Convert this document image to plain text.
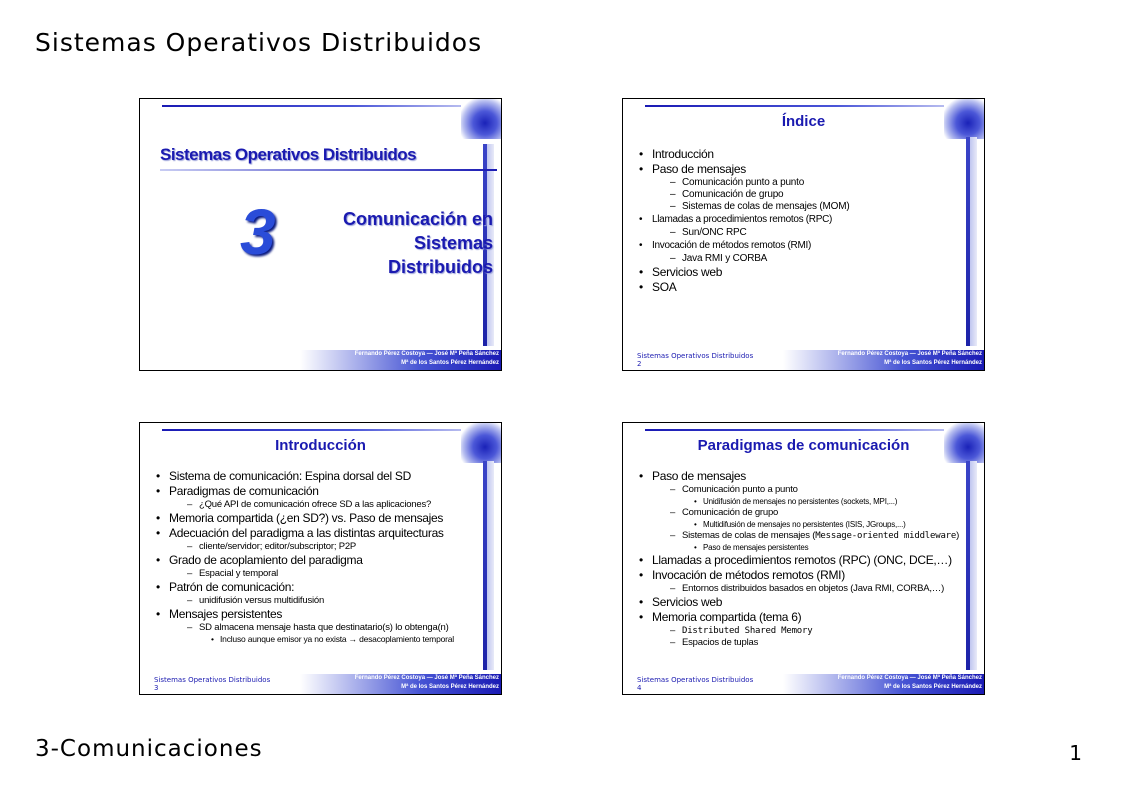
Sistemas Operativos Distribuidos
Sistemas Operativos Distribuidos
3	Comunicación en
Sistemas
Distribuidos
Fernando Pérez Costoya — José Mª Peña Sánchez
Mª de los Santos Pérez Hernández
Índice
• Introducción
• Paso de mensajes
– Comunicación punto a punto
– Comunicación de grupo
– Sistemas de colas de mensajes (MOM)
• Llamadas a procedimientos remotos (RPC)
– Sun/ONC RPC
• Invocación de métodos remotos (RMI)
– Java RMI y CORBA
• Servicios web
• SOA
Sistemas Operativos Distribuidos
2
Fernando Pérez Costoya — José Mª Peña Sánchez
Mª de los Santos Pérez Hernández
Introducción
• Sistema de comunicación: Espina dorsal del SD
• Paradigmas de comunicación
– ¿Qué API de comunicación ofrece SD a las aplicaciones?
• Memoria compartida (¿en SD?) vs. Paso de mensajes
• Adecuación del paradigma a las distintas arquitecturas
– cliente/servidor; editor/subscriptor; P2P
• Grado de acoplamiento del paradigma
– Espacial y temporal
• Patrón de comunicación:
– unidifusión versus multidifusión
• Mensajes persistentes
– SD almacena mensaje hasta que destinatario(s) lo obtenga(n)
• Incluso aunque emisor ya no exista → desacoplamiento temporal
Sistemas Operativos Distribuidos
3
Fernando Pérez Costoya — José Mª Peña Sánchez
Mª de los Santos Pérez Hernández
Paradigmas de comunicación
• Paso de mensajes
– Comunicación punto a punto
• Unidifusión de mensajes no persistentes (sockets, MPI,...)
– Comunicación de grupo
• Multidifusión de mensajes no persistentes (ISIS, JGroups,...)
– Sistemas de colas de mensajes (Message-oriented middleware)
• Paso de mensajes persistentes
• Llamadas a procedimientos remotos (RPC) (ONC, DCE,…)
• Invocación de métodos remotos (RMI)
– Entornos distribuidos basados en objetos (Java RMI, CORBA,…)
• Servicios web
• Memoria compartida (tema 6)
– Distributed Shared Memory
– Espacios de tuplas
Sistemas Operativos Distribuidos
4
Fernando Pérez Costoya — José Mª Peña Sánchez
Mª de los Santos Pérez Hernández
3-Comunicaciones	1
